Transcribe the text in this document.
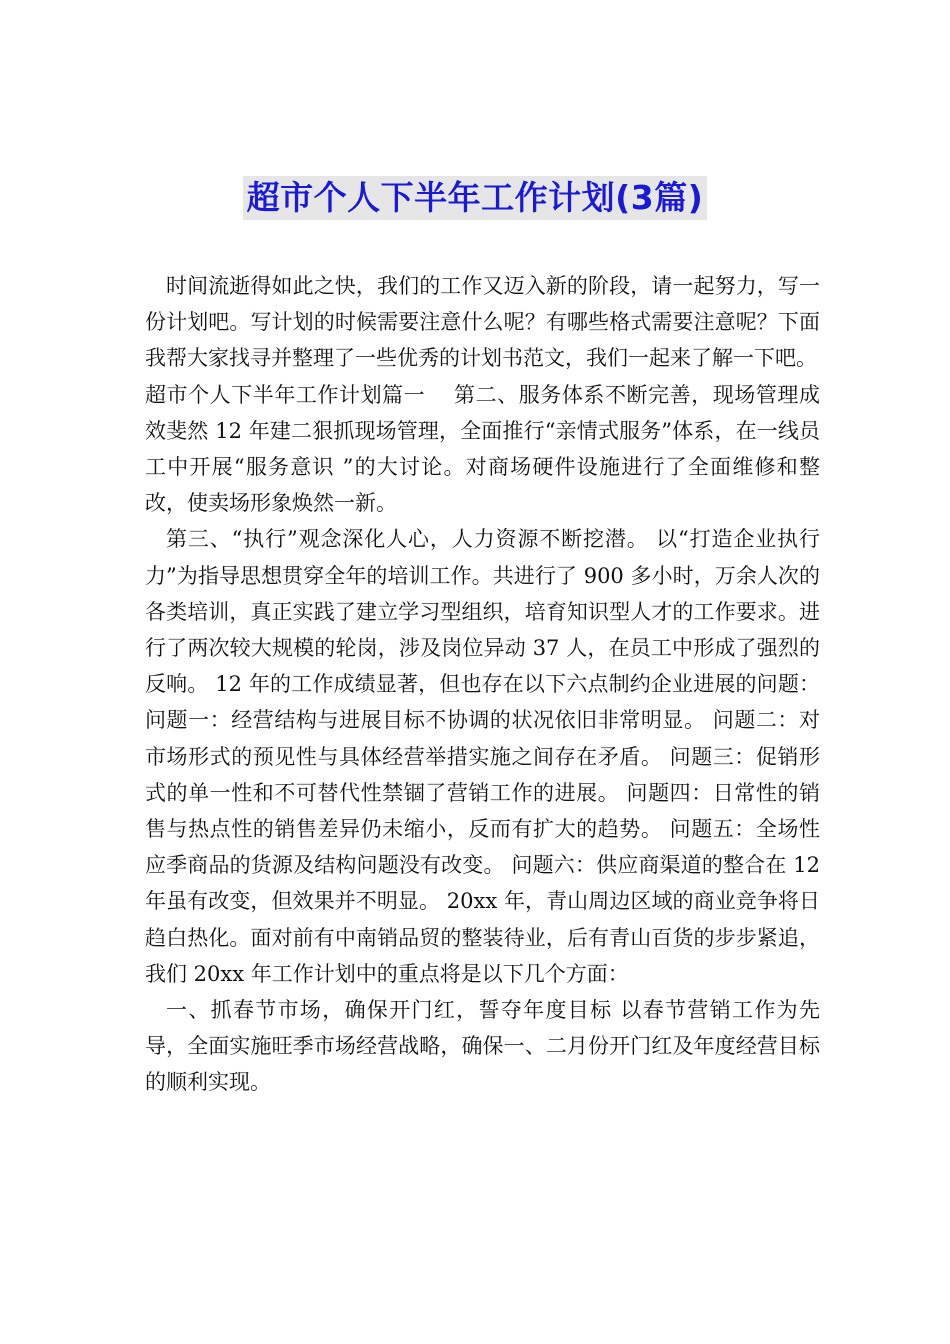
超市个人下半年工作计划(3篇)

时间流逝得如此之快，我们的工作又迈入新的阶段，请一起努力，写一份计划吧。写计划的时候需要注意什么呢？有哪些格式需要注意呢？下面我帮大家找寻并整理了一些优秀的计划书范文，我们一起来了解一下吧。

超市个人下半年工作计划篇一　 第二、服务体系不断完善，现场管理成效斐然 12 年建二狠抓现场管理，全面推行“亲情式服务”体系，在一线员工中开展“服务意识 ”的大讨论。对商场硬件设施进行了全面维修和整改，使卖场形象焕然一新。

第三、“执行”观念深化人心，人力资源不断挖潜。 以“打造企业执行力”为指导思想贯穿全年的培训工作。共进行了 900 多小时，万余人次的各类培训，真正实践了建立学习型组织，培育知识型人才的工作要求。进行了两次较大规模的轮岗，涉及岗位异动 37 人，在员工中形成了强烈的反响。 12 年的工作成绩显著，但也存在以下六点制约企业进展的问题： 问题一：经营结构与进展目标不协调的状况依旧非常明显。 问题二：对市场形式的预见性与具体经营举措实施之间存在矛盾。 问题三：促销形式的单一性和不可替代性禁锢了营销工作的进展。 问题四：日常性的销售与热点性的销售差异仍未缩小，反而有扩大的趋势。 问题五：全场性应季商品的货源及结构问题没有改变。 问题六：供应商渠道的整合在 12 年虽有改变，但效果并不明显。 20xx 年，青山周边区域的商业竞争将日趋白热化。面对前有中南销品贸的整装待业，后有青山百货的步步紧追，我们 20xx 年工作计划中的重点将是以下几个方面：

一、抓春节市场，确保开门红，誓夺年度目标 以春节营销工作为先导，全面实施旺季市场经营战略，确保一、二月份开门红及年度经营目标的顺利实现。
